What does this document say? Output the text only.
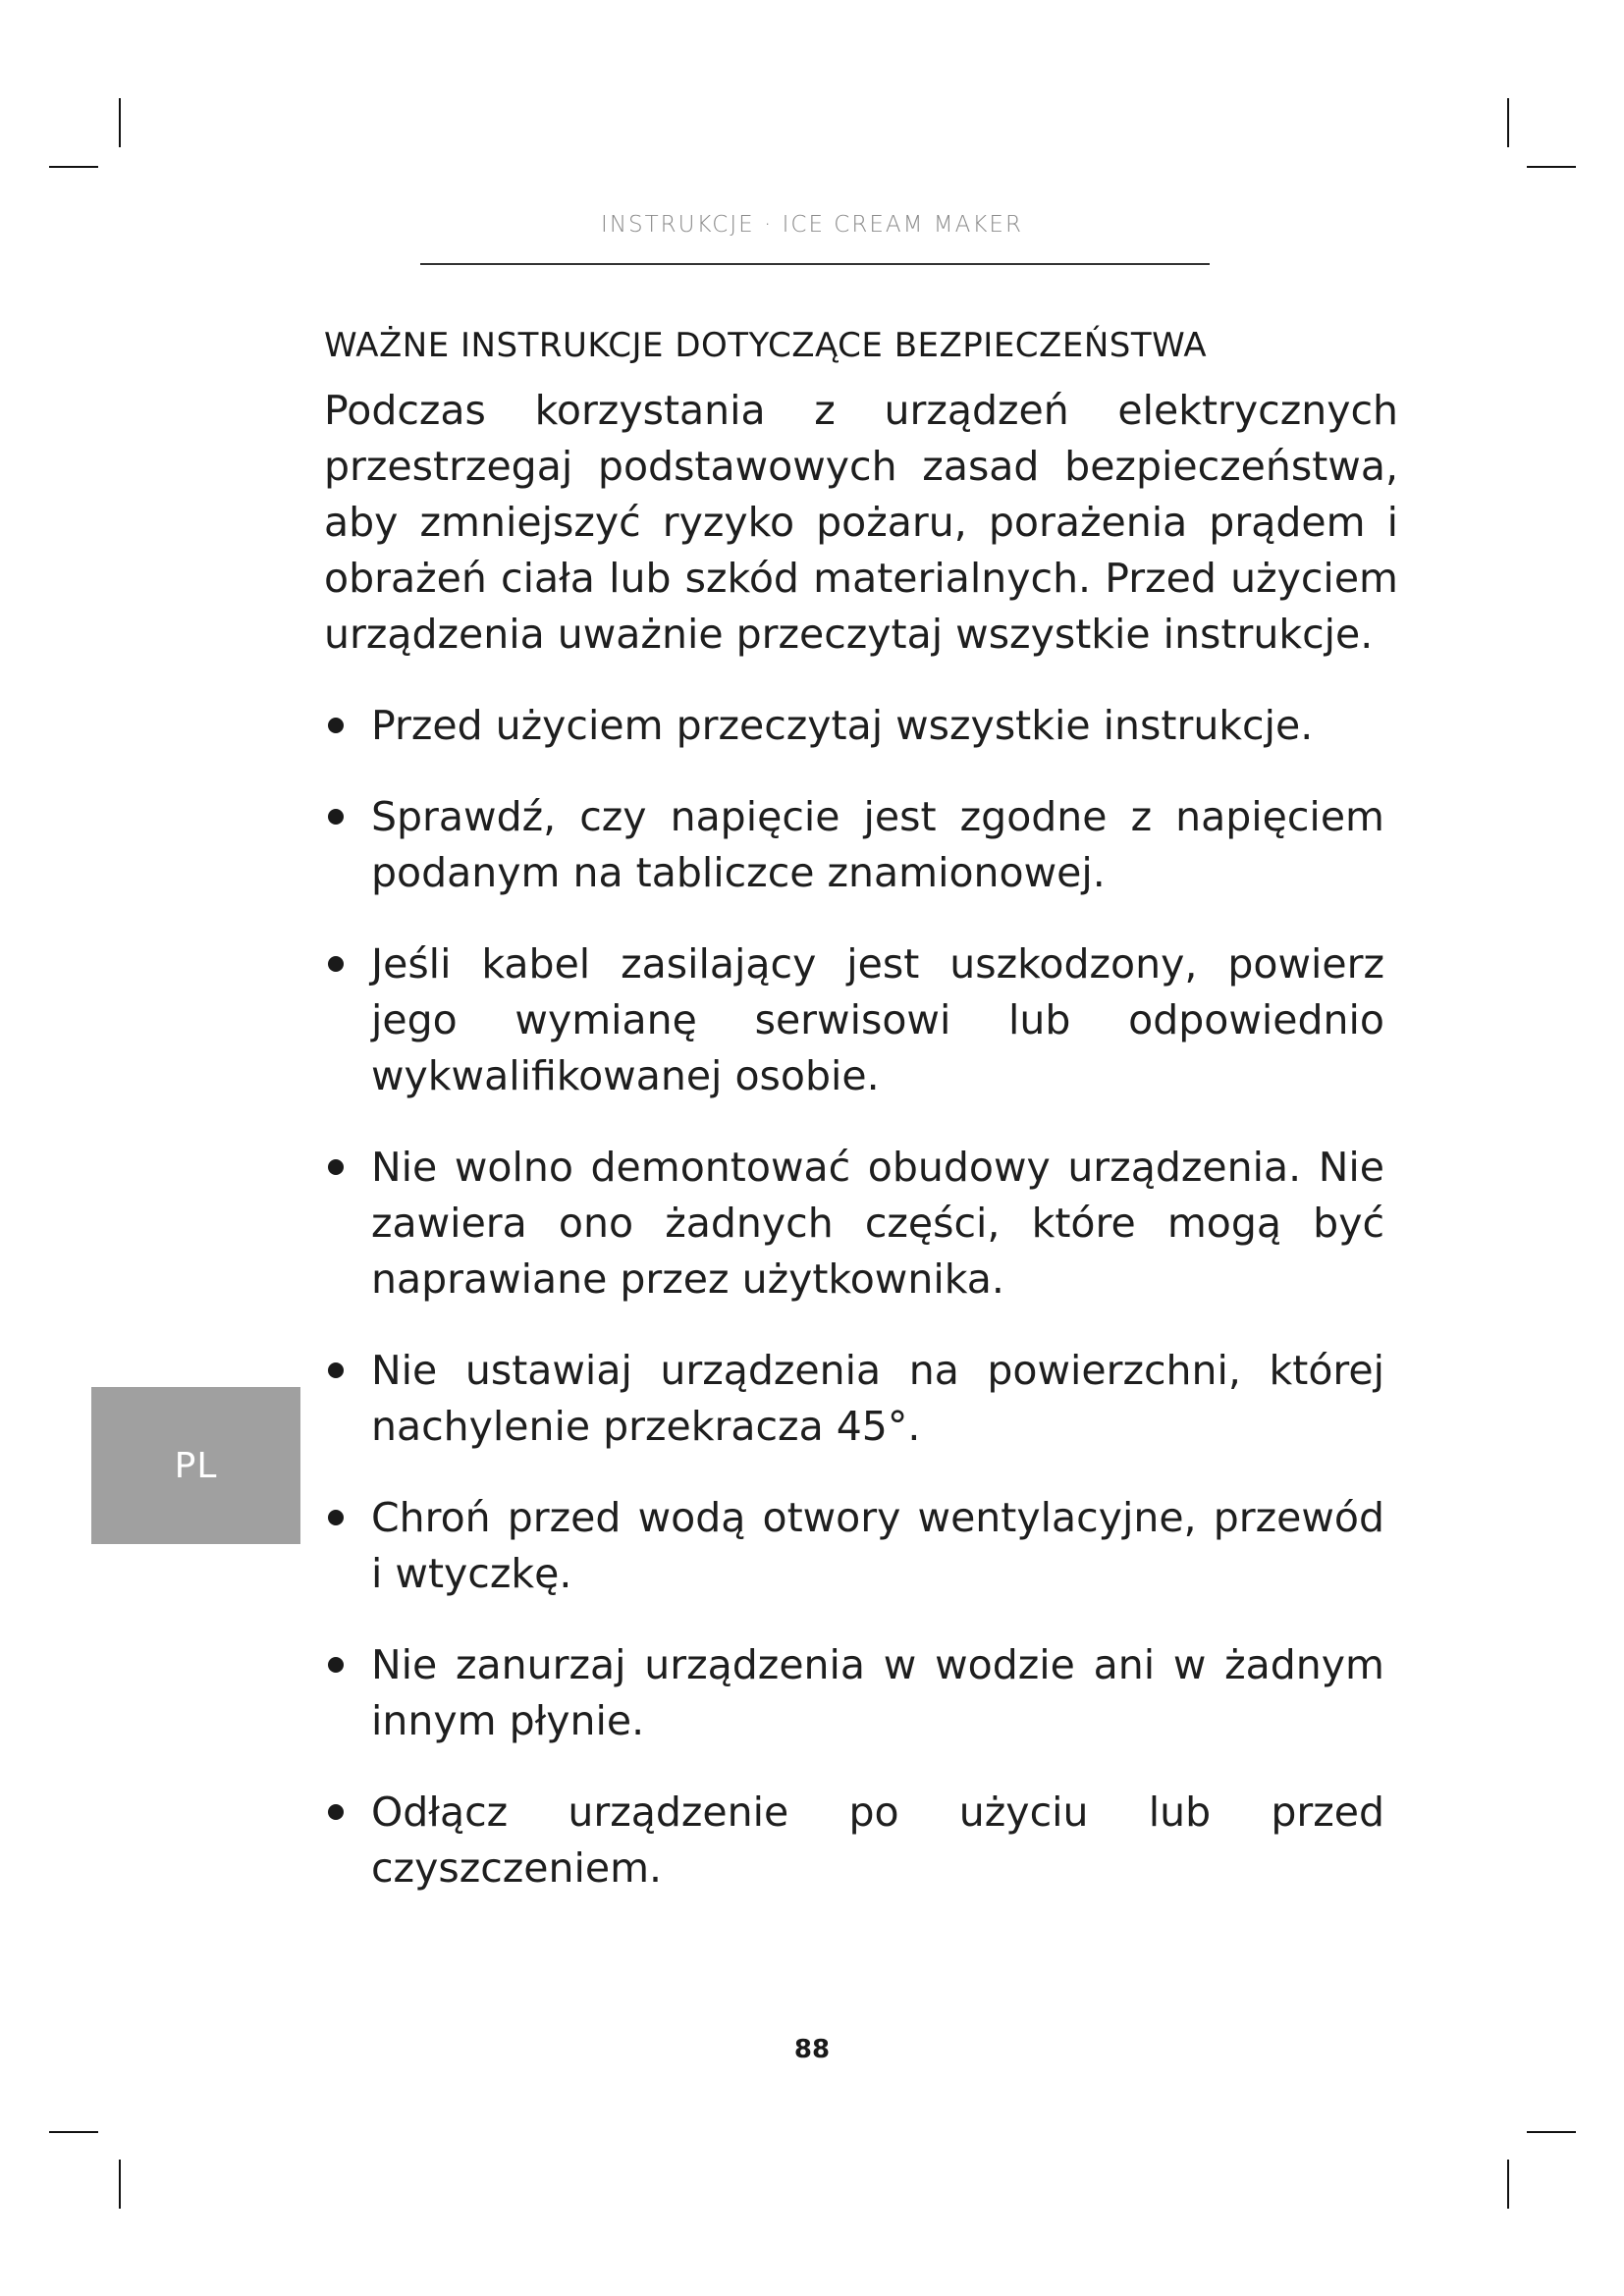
INSTRUKCJE · ICE CREAM MAKER
WAŻNE INSTRUKCJE DOTYCZĄCE BEZPIECZEŃSTWA

Podczas korzystania z urządzeń elektrycznych przestrzegaj podstawowych zasad bezpieczeństwa, aby zmniejszyć ryzyko pożaru, porażenia prądem i obrażeń ciała lub szkód materialnych. Przed użyciem urządzenia uważnie przeczytaj wszystkie instrukcje.

Przed użyciem przeczytaj wszystkie instrukcje.
Sprawdź, czy napięcie jest zgodne z napięciem podanym na tabliczce znamionowej.
Jeśli kabel zasilający jest uszkodzony, powierz jego wymianę serwisowi lub odpowiednio wykwalifikowanej osobie.
Nie wolno demontować obudowy urządzenia. Nie zawiera ono żadnych części, które mogą być naprawiane przez użytkownika.
Nie ustawiaj urządzenia na powierzchni, której nachylenie przekracza 45°.
Chroń przed wodą otwory wentylacyjne, przewód i wtyczkę.
Nie zanurzaj urządzenia w wodzie ani w żadnym innym płynie.
Odłącz urządzenie po użyciu lub przed czyszczeniem.
PL
88
